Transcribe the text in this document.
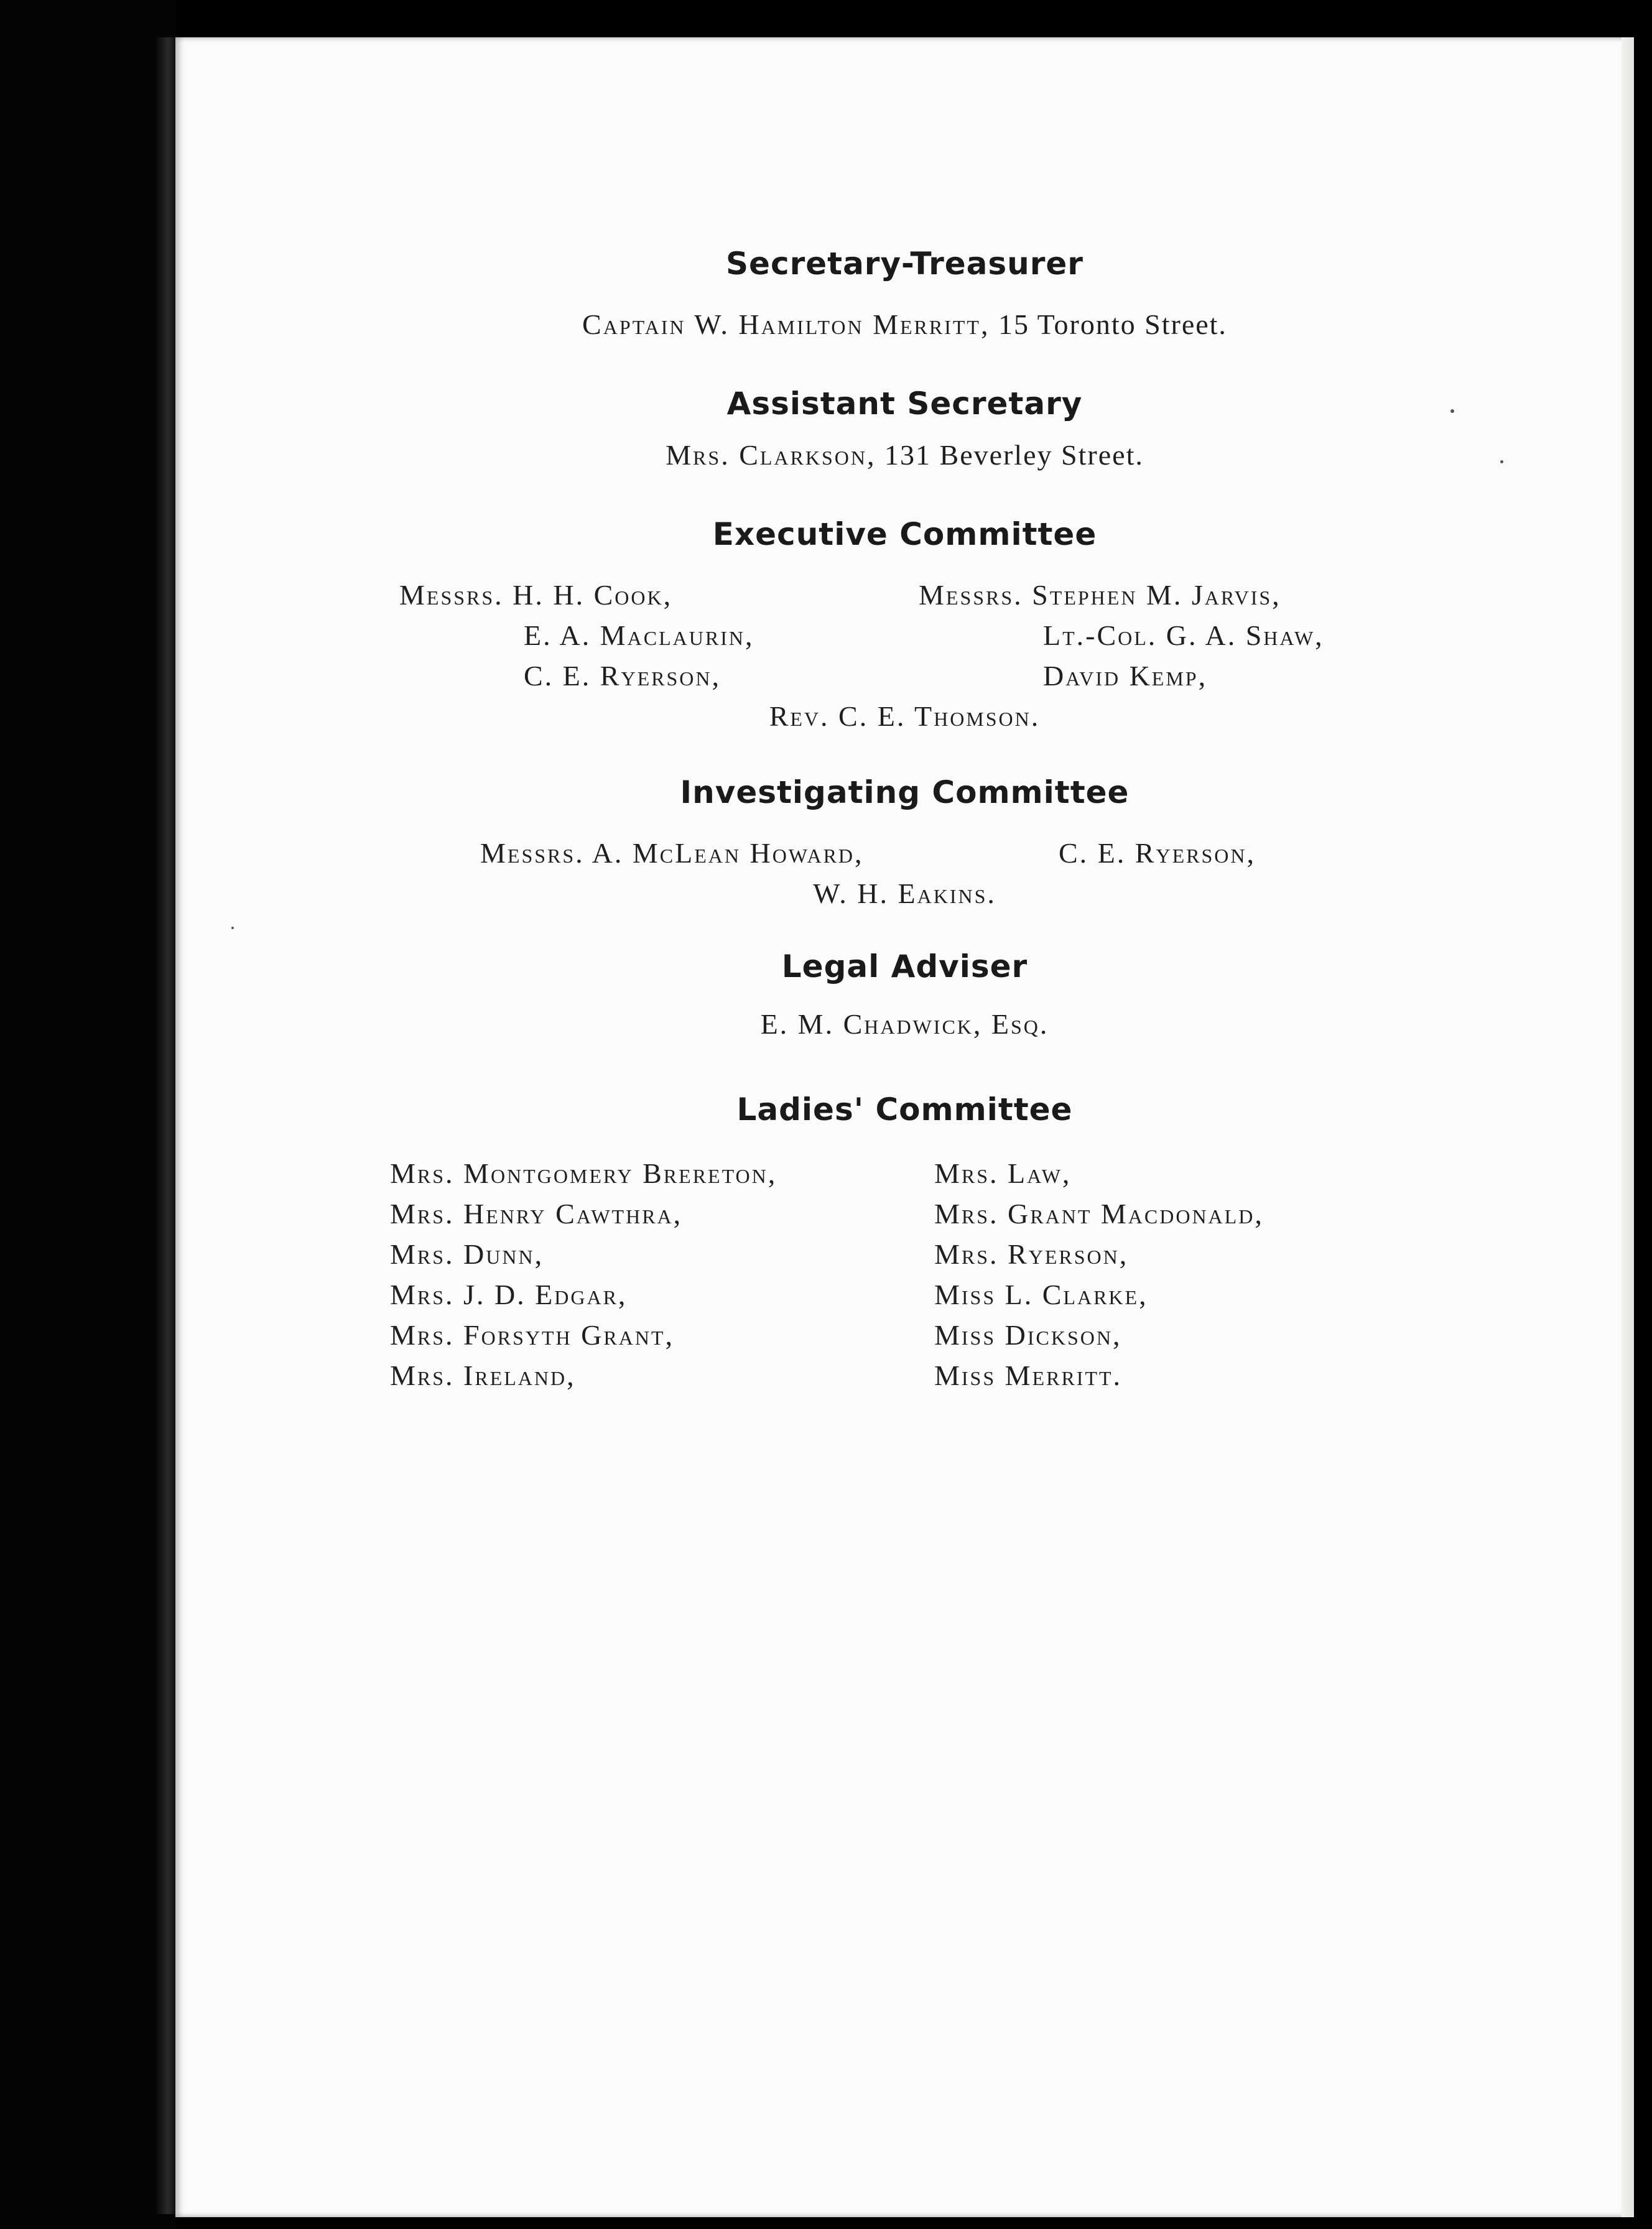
Secretary-Treasurer
Captain W. Hamilton Merritt, 15 Toronto Street.
Assistant Secretary
Mrs. Clarkson, 131 Beverley Street.
Executive Committee
Messrs. H. H. Cook,
E. A. Maclaurin,
C. E. Ryerson,
Messrs. Stephen M. Jarvis,
Lt.-Col. G. A. Shaw,
David Kemp,
Rev. C. E. Thomson.
Investigating Committee
Messrs. A. McLean Howard,	C. E. Ryerson,
W. H. Eakins.
Legal Adviser
E. M. Chadwick, Esq.
Ladies' Committee
Mrs. Montgomery Brereton,
Mrs. Henry Cawthra,
Mrs. Dunn,
Mrs. J. D. Edgar,
Mrs. Forsyth Grant,
Mrs. Ireland,
Mrs. Law,
Mrs. Grant Macdonald,
Mrs. Ryerson,
Miss L. Clarke,
Miss Dickson,
Miss Merritt.
